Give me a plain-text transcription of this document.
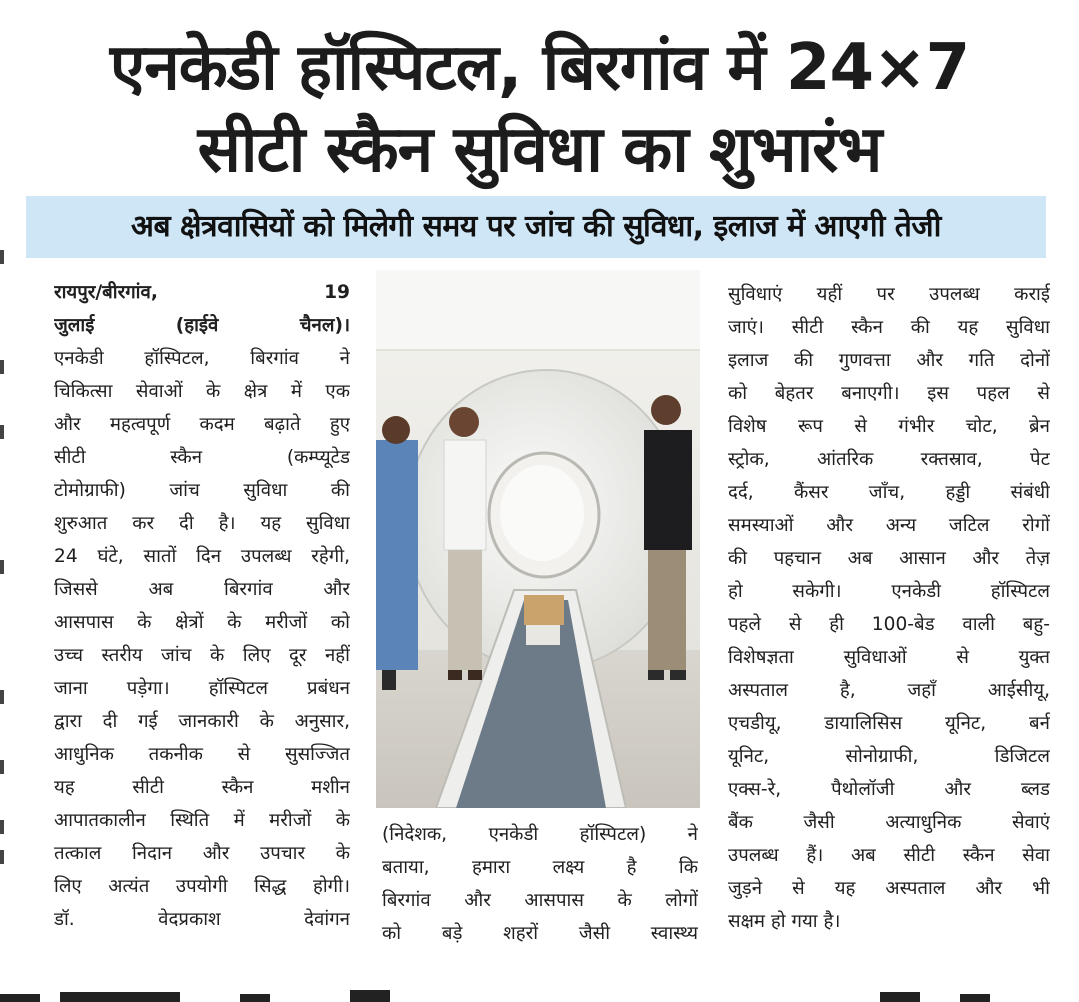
एनकेडी हॉस्पिटल, बिरगांव में 24×7
सीटी स्कैन सुविधा का शुभारंभ
अब क्षेत्रवासियों को मिलेगी समय पर जांच की सुविधा, इलाज में आएगी तेजी
रायपुर/बीरगांव, 19
जुलाई (हाईवे चैनल)।
एनकेडी हॉस्पिटल, बिरगांव ने
चिकित्सा सेवाओं के क्षेत्र में एक
और महत्वपूर्ण कदम बढ़ाते हुए
सीटी स्कैन (कम्प्यूटेड
टोमोग्राफी) जांच सुविधा की
शुरुआत कर दी है। यह सुविधा
24 घंटे, सातों दिन उपलब्ध रहेगी,
जिससे अब बिरगांव और
आसपास के क्षेत्रों के मरीजों को
उच्च स्तरीय जांच के लिए दूर नहीं
जाना पड़ेगा। हॉस्पिटल प्रबंधन
द्वारा दी गई जानकारी के अनुसार,
आधुनिक तकनीक से सुसज्जित
यह सीटी स्कैन मशीन
आपातकालीन स्थिति में मरीजों के
तत्काल निदान और उपचार के
लिए अत्यंत उपयोगी सिद्ध होगी।
डॉ. वेदप्रकाश देवांगन
(निदेशक, एनकेडी हॉस्पिटल) ने
बताया, हमारा लक्ष्य है कि
बिरगांव और आसपास के लोगों
को बड़े शहरों जैसी स्वास्थ्य
सुविधाएं यहीं पर उपलब्ध कराई
जाएं। सीटी स्कैन की यह सुविधा
इलाज की गुणवत्ता और गति दोनों
को बेहतर बनाएगी। इस पहल से
विशेष रूप से गंभीर चोट, ब्रेन
स्ट्रोक, आंतरिक रक्तस्राव, पेट
दर्द, कैंसर जाँच, हड्डी संबंधी
समस्याओं और अन्य जटिल रोगों
की पहचान अब आसान और तेज़
हो सकेगी। एनकेडी हॉस्पिटल
पहले से ही 100-बेड वाली बहु-
विशेषज्ञता सुविधाओं से युक्त
अस्पताल है, जहाँ आईसीयू,
एचडीयू, डायालिसिस यूनिट, बर्न
यूनिट, सोनोग्राफी, डिजिटल
एक्स-रे, पैथोलॉजी और ब्लड
बैंक जैसी अत्याधुनिक सेवाएं
उपलब्ध हैं। अब सीटी स्कैन सेवा
जुड़ने से यह अस्पताल और भी
सक्षम हो गया है।
